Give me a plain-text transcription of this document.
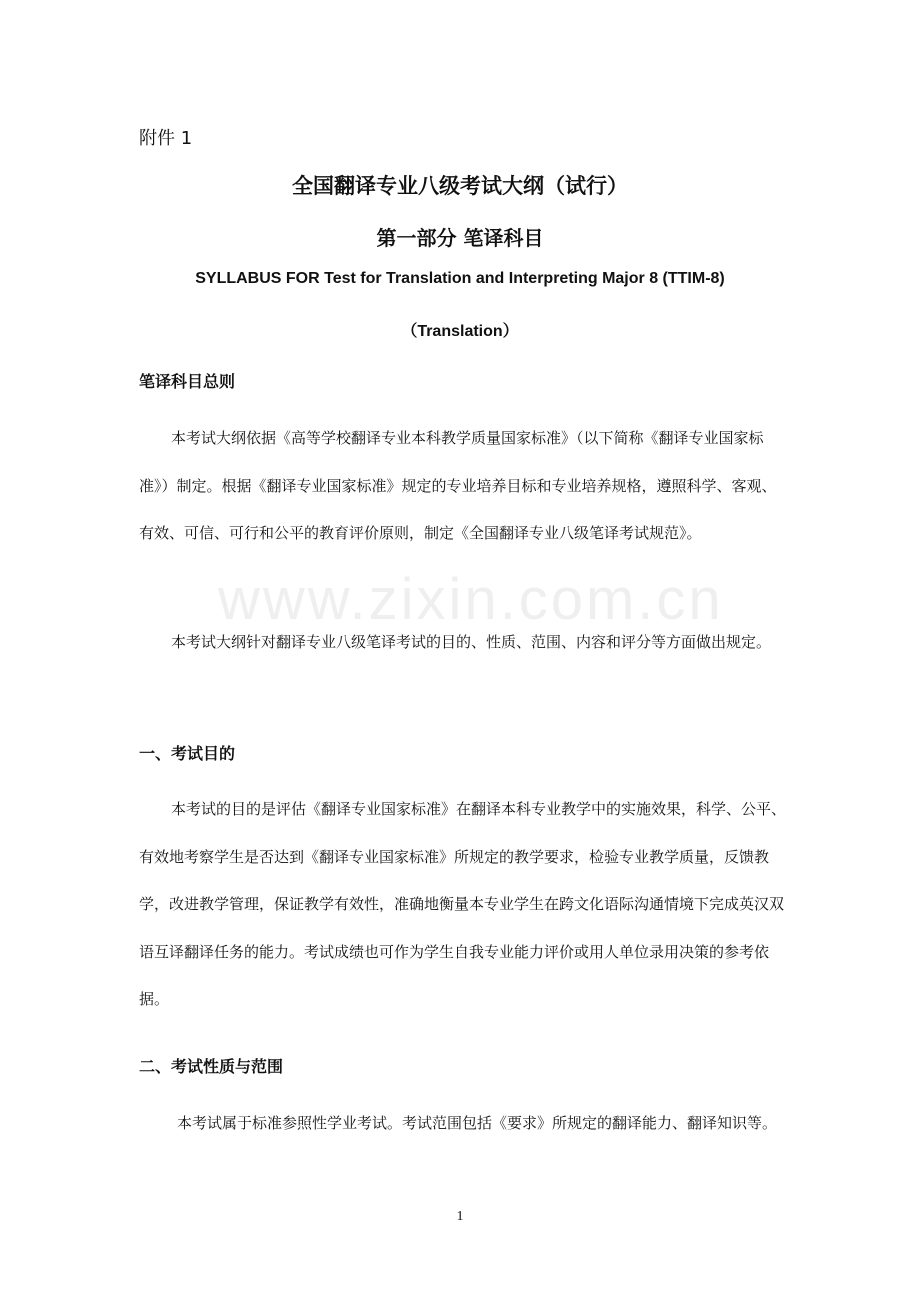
www.zixin.com.cn
附件 1
全国翻译专业八级考试大纲（试行）
第一部分 笔译科目
SYLLABUS FOR Test for Translation and Interpreting Major 8 (TTIM-8)
（Translation）
笔译科目总则

本考试大纲依据《高等学校翻译专业本科教学质量国家标准》（以下简称《翻译专业国家标准》）制定。根据《翻译专业国家标准》规定的专业培养目标和专业培养规格，遵照科学、客观、有效、可信、可行和公平的教育评价原则，制定《全国翻译专业八级笔译考试规范》。

本考试大纲针对翻译专业八级笔译考试的目的、性质、范围、内容和评分等方面做出规定。

一、考试目的

本考试的目的是评估《翻译专业国家标准》在翻译本科专业教学中的实施效果，科学、公平、有效地考察学生是否达到《翻译专业国家标准》所规定的教学要求，检验专业教学质量，反馈教学，改进教学管理，保证教学有效性，准确地衡量本专业学生在跨文化语际沟通情境下完成英汉双语互译翻译任务的能力。考试成绩也可作为学生自我专业能力评价或用人单位录用决策的参考依据。

二、考试性质与范围

本考试属于标准参照性学业考试。考试范围包括《要求》所规定的翻译能力、翻译知识等。

1
